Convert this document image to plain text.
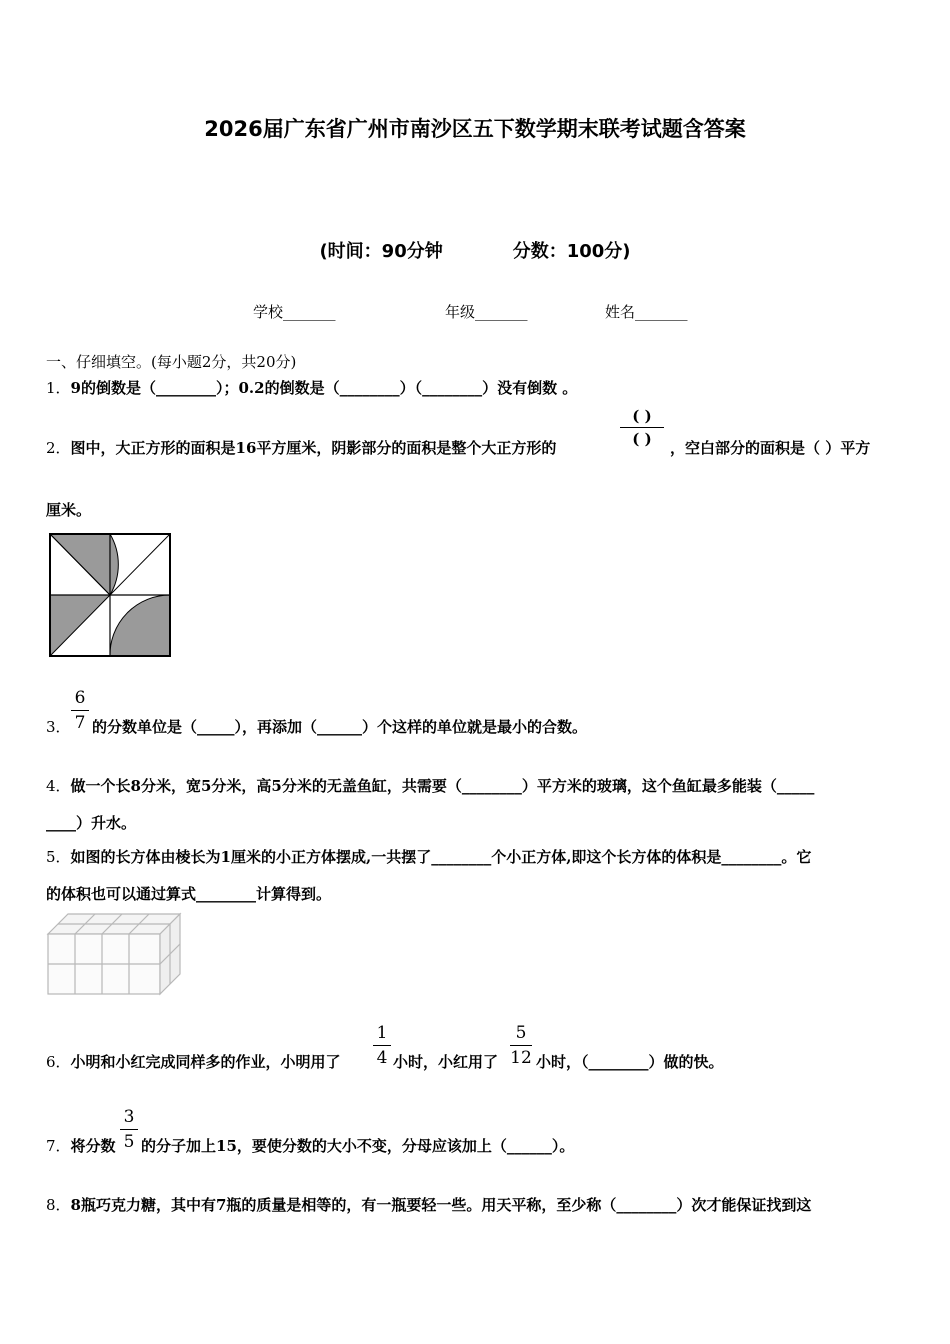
2026届广东省广州市南沙区五下数学期末联考试题含答案
(时间：90分钟	分数：100分)
学校_______	年级_______	姓名_______
一、仔细填空。(每小题2分，共20分)
1．9的倒数是（________）；0.2的倒数是（________）（________）没有倒数 。
2．图中，大正方形的面积是16平方厘米，阴影部分的面积是整个大正方形的
( )
( )	，空白部分的面积是（ ）平方
厘米。
3．
6
7 的分数单位是（_____），再添加（______）个这样的单位就是最小的合数。
4．做一个长8分米，宽5分米，高5分米的无盖鱼缸，共需要（________）平方米的玻璃，这个鱼缸最多能装（_____
____）升水。
5．如图的长方体由棱长为1厘米的小正方体摆成,一共摆了________个小正方体,即这个长方体的体积是________。它
的体积也可以通过算式________计算得到。
6．小明和小红完成同样多的作业，小明用了
1
4 小时，小红用了
5
12 小时，（________）做的快。
7．将分数
3
5 的分子加上15，要使分数的大小不变，分母应该加上（______）。
8．8瓶巧克力糖，其中有7瓶的质量是相等的，有一瓶要轻一些。用天平称，至少称（________）次才能保证找到这
